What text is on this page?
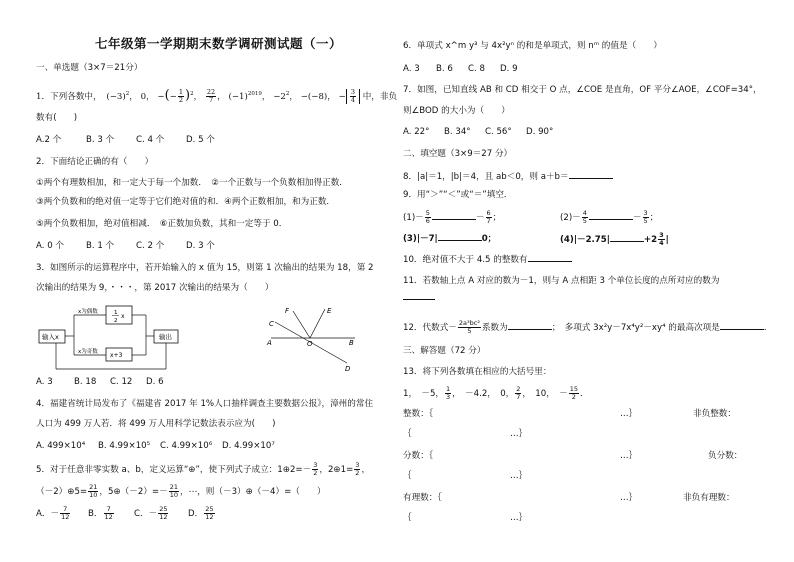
七年级第一学期期末数学调研测试题（一）
一、单选题（3×7＝21分）
1．下列各数中， $(-3)^2$， 0， −(− $\frac{1}{2} )^2$， $\frac{22}{7}$ ， $(-1)^{2019}$， $-2^2$， −(−8)， − $\frac{3}{4}$ 中，非负
数有(　　)
A.2 个	B. 3 个	C. 4 个	D. 5 个
2．下面结论正确的有（　　）
①两个有理数相加，和一定大于每一个加数．　②一个正数与一个负数相加得正数．
③两个负数和的绝对值一定等于它们绝对值的和．④两个正数相加，和为正数．
⑤两个负数相加，绝对值相减．　⑥正数加负数，其和一定等于 0．
A. 0 个	B. 1 个	C. 2 个	D. 3 个
3．如图所示的运算程序中，若开始输入的 x 值为 15，则第 1 次输出的结果为 18，第 2
次输出的结果为 9，・・・，第 2017 次输出的结果为（　　）
输入x
x为偶数
x为奇数
1
2
x
x+3
输出
F	E
C
A	O	B
D
A. 3 B. 18 C. 12 D. 6
4．福建省统计局发布了《福建省 2017 年 1%人口抽样调查主要数据公报》，漳州的常住
人口为 499 万人若．将 499 万人用科学记数法表示应为(　　)
A. 499×10⁴ B. 4.99×10⁵ C. 4.99×10⁶ D. 4.99×10⁷
5．对于任意非零实数 a、b，定义运算“⊕”，使下列式子成立：1⊕2=－ $\frac{3}{2}$ ，2⊕1= $\frac{3}{2}$ ，
（－2）⊕5= $\frac{21}{10}$ ，5⊕（－2）=－ $\frac{21}{10}$ ，⋯，则（－3）⊕（－4）=（　　）
A．－ $\frac{7}{12}$ B． $\frac{7}{12}$ C．－ $\frac{25}{12}$ D． $\frac{25}{12}$
6．单项式 x^m y³ 与 4x²yⁿ 的和是单项式，则 nᵐ 的值是（　　）
A. 3 B. 6 C. 8 D. 9
7．如图，已知直线 AB 和 CD 相交于 O 点，∠COE 是直角，OF 平分∠AOE，∠COF=34°，
则∠BOD 的大小为（　　）
A. 22° B. 34° C. 56° D. 90°
二、填空题（3×9＝27 分）
8．|a|＝1，|b|＝4，且 ab＜0，则 a＋b＝
9．用“＞”“＜”或“＝”填空．
$(1)- \frac{5}{6}$	－ $\frac{6}{7}$ ；	$(2)- \frac{4}{5}$	－ $\frac{3}{5}$ ；
(3)|－7|	0；	(4)|－2.75|	$+2 \frac{3}{4}$ |
10．绝对值不大于 4.5 的整数有
11．若数轴上点 A 对应的数为－1，则与 A 点相距 3 个单位长度的点所对应的数为
12．代数式－ $\frac{\text{2a³bc²}}{5}$ 系数为	；　多项式 3x²y－7x⁴y²－xy⁴ 的最高次项是	.
三、解答题（72 分）
13．将下列各数填在相应的大括号里：
1，　－5， $\frac{1}{3}$ ，　－4.2，　0， $\frac{2}{7}$ ，　10，　－ $\frac{15}{2}$ ．
整数：｛	…｝	非负整数：
｛	…｝
分数：｛	…｝	负分数：
｛	…｝
有理数：｛	…｝	非负有理数：
｛	…｝
